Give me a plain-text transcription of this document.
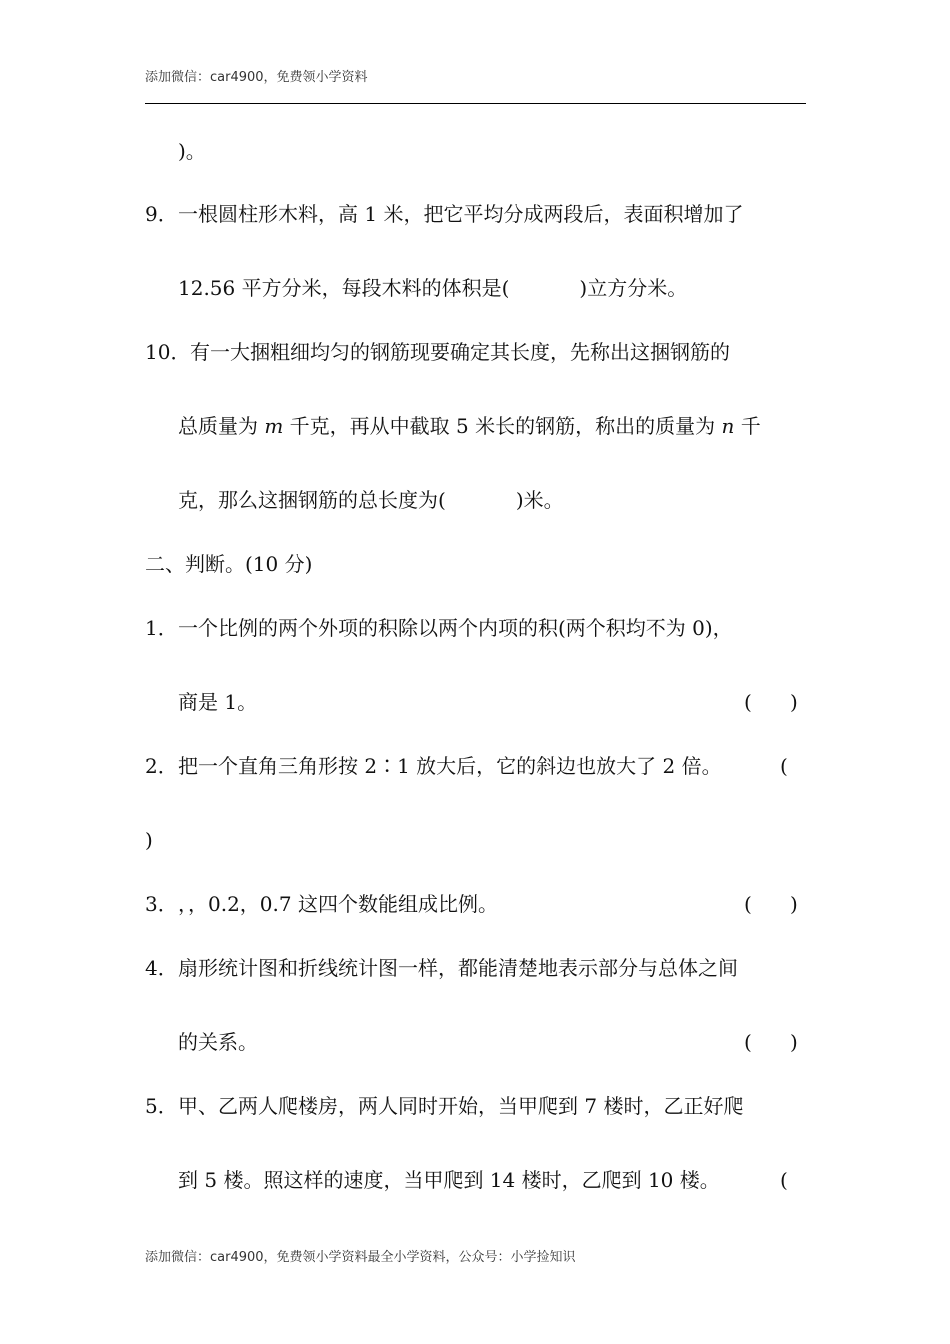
添加微信：car4900，免费领小学资料
)。
9． 一根圆柱形木料，高 1 米，把它平均分成两段后，表面积增加了
12.56 平方分米，每段木料的体积是(	)立方分米。
10． 有一大捆粗细均匀的钢筋现要确定其长度，先称出这捆钢筋的
总质量为 m 千克，再从中截取 5 米长的钢筋，称出的质量为 n 千
克，那么这捆钢筋的总长度为(	)米。
二、判断。(10 分)
1． 一个比例的两个外项的积除以两个内项的积(两个积均不为 0)，
商是 1。	(      )
2． 把一个直角三角形按 2∶1 放大后，它的斜边也放大了 2 倍。	(
)
3． ，，0.2，0.7 这四个数能组成比例。	(      )
4． 扇形统计图和折线统计图一样，都能清楚地表示部分与总体之间
的关系。	(      )
5． 甲、乙两人爬楼房，两人同时开始，当甲爬到 7 楼时，乙正好爬
到 5 楼。照这样的速度，当甲爬到 14 楼时，乙爬到 10 楼。	(
添加微信：car4900，免费领小学资料最全小学资料，公众号：小学捡知识
